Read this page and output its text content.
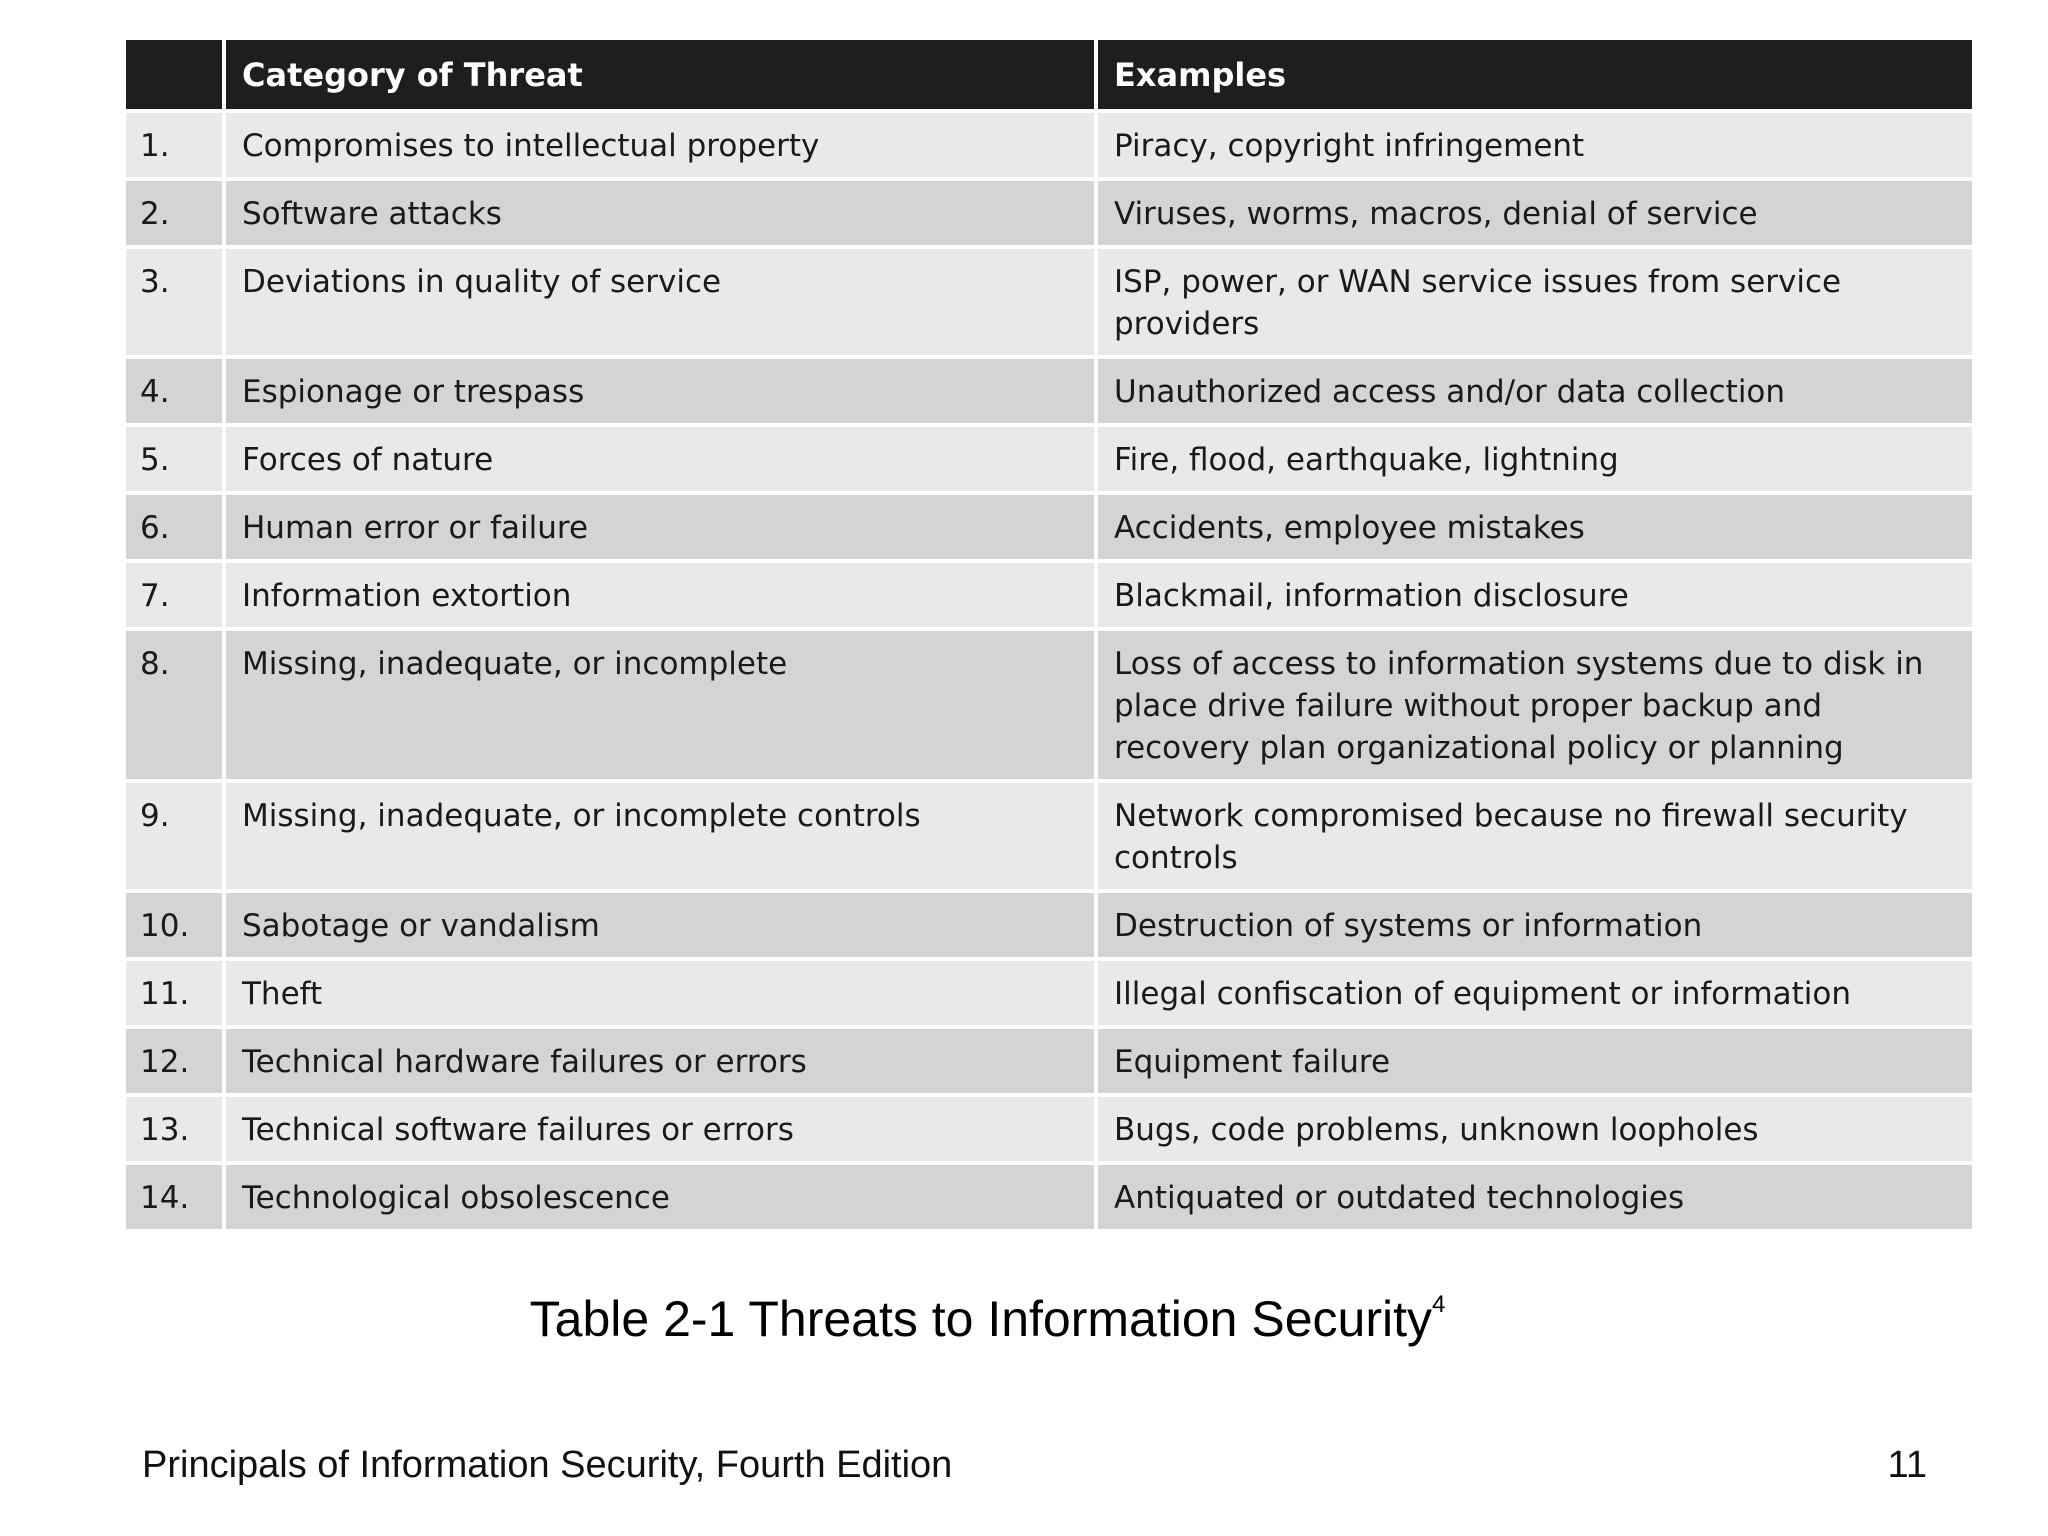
	Category of Threat	Examples
1.	Compromises to intellectual property	Piracy, copyright infringement
2.	Software attacks	Viruses, worms, macros, denial of service
3.	Deviations in quality of service	ISP, power, or WAN service issues from service providers
4.	Espionage or trespass	Unauthorized access and/or data collection
5.	Forces of nature	Fire, flood, earthquake, lightning
6.	Human error or failure	Accidents, employee mistakes
7.	Information extortion	Blackmail, information disclosure
8.	Missing, inadequate, or incomplete	Loss of access to information systems due to disk in place drive failure without proper backup and recovery plan organizational policy or planning
9.	Missing, inadequate, or incomplete controls	Network compromised because no firewall security controls
10.	Sabotage or vandalism	Destruction of systems or information
11.	Theft	Illegal confiscation of equipment or information
12.	Technical hardware failures or errors	Equipment failure
13.	Technical software failures or errors	Bugs, code problems, unknown loopholes
14.	Technological obsolescence	Antiquated or outdated technologies
Table 2-1 Threats to Information Security$^4$
Principals of Information Security, Fourth Edition	11
